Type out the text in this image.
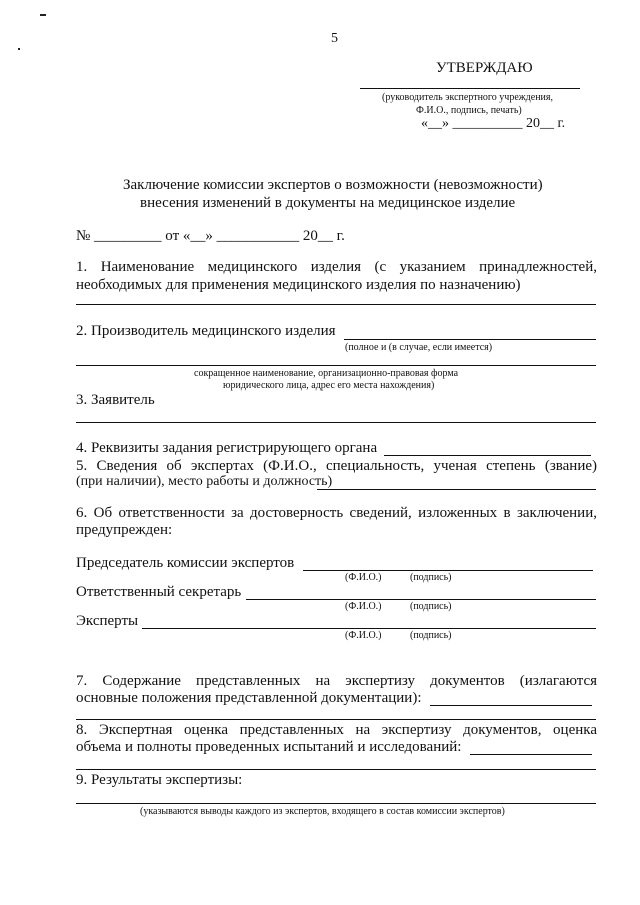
5
УТВЕРЖДАЮ
(руководитель экспертного учреждения,
Ф.И.О., подпись, печать)
«__» __________ 20__ г.
Заключение комиссии экспертов о возможности (невозможности)
внесения изменений в документы на медицинское изделие
№ _________ от «__» ___________ 20__ г.
1. Наименование медицинского изделия (с указанием принадлежностей,
необходимых для применения медицинского изделия по назначению)
2. Производитель медицинского изделия
(полное и (в случае, если имеется)
сокращенное наименование, организационно-правовая форма
юридического лица, адрес его места нахождения)
3. Заявитель
4. Реквизиты задания регистрирующего органа
5. Сведения об экспертах (Ф.И.О., специальность, ученая степень (звание)
(при наличии), место работы и должность)
6. Об ответственности за достоверность сведений, изложенных в заключении,
предупрежден:
Председатель комиссии экспертов
(Ф.И.О.)	(подпись)
Ответственный секретарь
(Ф.И.О.)	(подпись)
Эксперты
(Ф.И.О.)	(подпись)
7. Содержание представленных на экспертизу документов (излагаются
основные положения представленной документации):
8. Экспертная оценка представленных на экспертизу документов, оценка
объема и полноты проведенных испытаний и исследований:
9. Результаты экспертизы:
(указываются выводы каждого из экспертов, входящего в состав комиссии экспертов)
